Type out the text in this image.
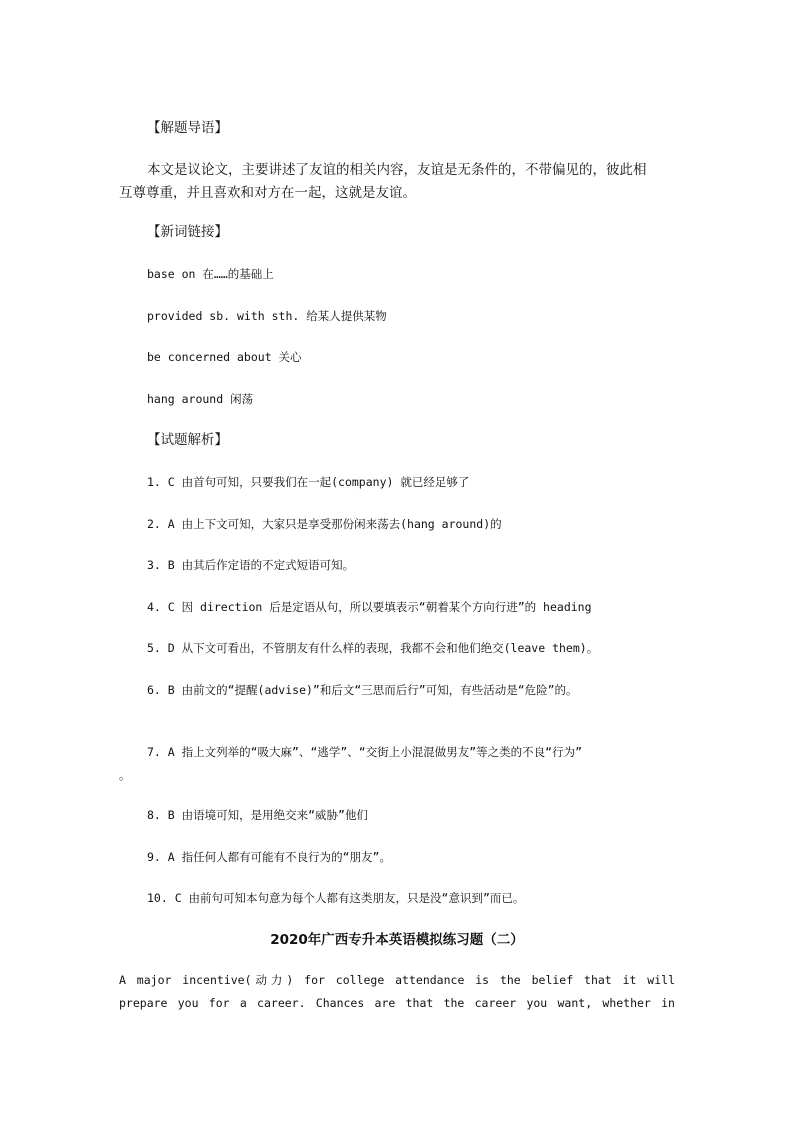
【解题导语】
本文是议论文，主要讲述了友谊的相关内容，友谊是无条件的，不带偏见的，彼此相
互尊尊重，并且喜欢和对方在一起，这就是友谊。
【新词链接】
base on 在……的基础上
provided sb. with sth. 给某人提供某物
be concerned about 关心
hang around 闲荡
【试题解析】
1. C 由首句可知，只要我们在一起(company) 就已经足够了
2. A 由上下文可知，大家只是享受那份闲来荡去(hang around)的
3. B 由其后作定语的不定式短语可知。
4. C 因 direction 后是定语从句，所以要填表示“朝着某个方向行进”的 heading
5. D 从下文可看出，不管朋友有什么样的表现，我都不会和他们绝交(leave them)。
6. B 由前文的“提醒(advise)”和后文“三思而后行”可知，有些活动是“危险”的。
7. A 指上文列举的“吸大麻”、“逃学”、“交街上小混混做男友”等之类的不良“行为”
。
8. B 由语境可知，是用绝交来“威胁”他们
9. A 指任何人都有可能有不良行为的“朋友”。
10. C 由前句可知本句意为每个人都有这类朋友，只是没“意识到”而已。
2020年广西专升本英语模拟练习题（二）
A major incentive(动力) for college attendance is the belief that it will
prepare you for a career. Chances are that the career you want, whether in
